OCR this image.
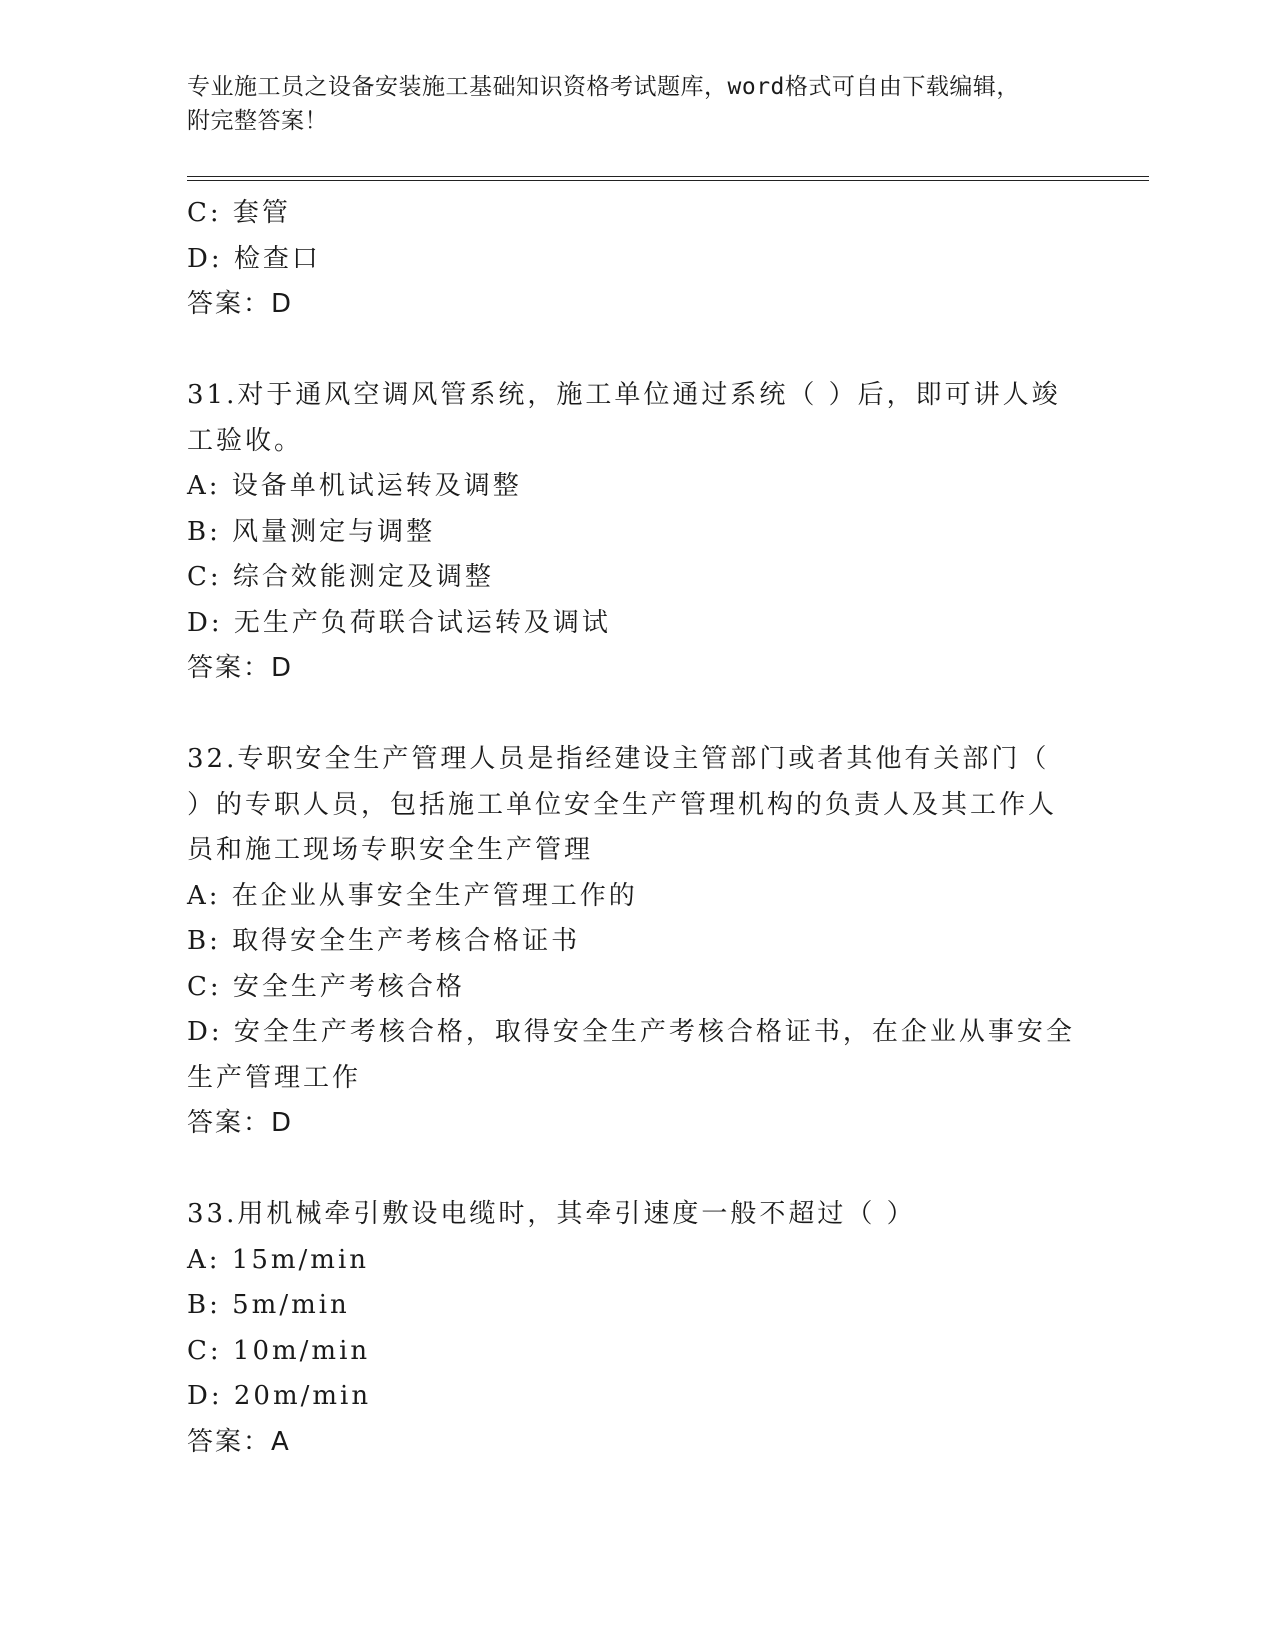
专业施工员之设备安装施工基础知识资格考试题库，word格式可自由下载编辑，

附完整答案！

C: 套管
D: 检查口
答案：D
31.对于通风空调风管系统，施工单位通过系统（ ）后，即可讲人竣
工验收。
A: 设备单机试运转及调整
B: 风量测定与调整
C: 综合效能测定及调整
D: 无生产负荷联合试运转及调试
答案：D
32.专职安全生产管理人员是指经建设主管部门或者其他有关部门（
）的专职人员，包括施工单位安全生产管理机构的负责人及其工作人
员和施工现场专职安全生产管理
A: 在企业从事安全生产管理工作的
B: 取得安全生产考核合格证书
C: 安全生产考核合格
D: 安全生产考核合格，取得安全生产考核合格证书，在企业从事安全
生产管理工作
答案：D
33.用机械牵引敷设电缆时，其牵引速度一般不超过（ ）
A: 15m/min
B: 5m/min
C: 10m/min
D: 20m/min
答案：A
